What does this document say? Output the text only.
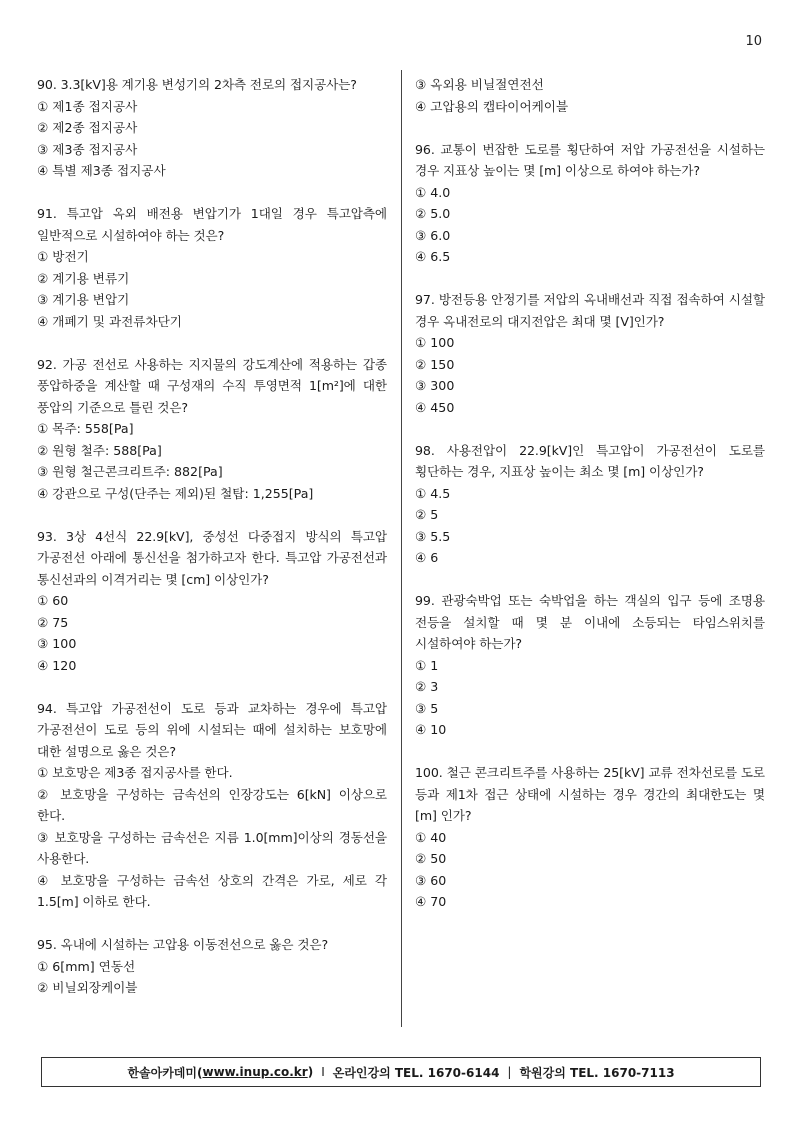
10
90. 3.3[kV]용 계기용 변성기의 2차측 전로의 접지공사는?
① 제1종 접지공사
② 제2종 접지공사
③ 제3종 접지공사
④ 특별 제3종 접지공사
91. 특고압 옥외 배전용 변압기가 1대일 경우 특고압측에 일반적으로 시설하여야 하는 것은?
① 방전기
② 계기용 변류기
③ 계기용 변압기
④ 개폐기 및 과전류차단기
92. 가공 전선로 사용하는 지지물의 강도계산에 적용하는 갑종 풍압하중을 계산할 때 구성재의 수직 투영면적 1[m²]에 대한 풍압의 기준으로 틀린 것은?
① 목주: 558[Pa]
② 원형 철주: 588[Pa]
③ 원형 철근콘크리트주: 882[Pa]
④ 강관으로 구성(단주는 제외)된 철탑: 1,255[Pa]
93. 3상 4선식 22.9[kV], 중성선 다중접지 방식의 특고압 가공전선 아래에 통신선을 첨가하고자 한다. 특고압 가공전선과 통신선과의 이격거리는 몇 [cm] 이상인가?
① 60
② 75
③ 100
④ 120
94. 특고압 가공전선이 도로 등과 교차하는 경우에 특고압 가공전선이 도로 등의 위에 시설되는 때에 설치하는 보호망에 대한 설명으로 옳은 것은?
① 보호망은 제3종 접지공사를 한다.
② 보호망을 구성하는 금속선의 인장강도는 6[kN] 이상으로 한다.
③ 보호망을 구성하는 금속선은 지름 1.0[mm]이상의 경동선을 사용한다.
④ 보호망을 구성하는 금속선 상호의 간격은 가로, 세로 각 1.5[m] 이하로 한다.
95. 옥내에 시설하는 고압용 이동전선으로 옳은 것은?
① 6[mm] 연동선
② 비닐외장케이블
③ 옥외용 비닐절연전선
④ 고압용의 캡타이어케이블
96. 교통이 번잡한 도로를 횡단하여 저압 가공전선을 시설하는 경우 지표상 높이는 몇 [m] 이상으로 하여야 하는가?
① 4.0
② 5.0
③ 6.0
④ 6.5
97. 방전등용 안정기를 저압의 옥내배선과 직접 접속하여 시설할 경우 옥내전로의 대지전압은 최대 몇 [V]인가?
① 100
② 150
③ 300
④ 450
98. 사용전압이 22.9[kV]인 특고압이 가공전선이 도로를 횡단하는 경우, 지표상 높이는 최소 몇 [m] 이상인가?
① 4.5
② 5
③ 5.5
④ 6
99. 관광숙박업 또는 숙박업을 하는 객실의 입구 등에 조명용 전등을 설치할 때 몇 분 이내에 소등되는 타임스위치를 시설하여야 하는가?
① 1
② 3
③ 5
④ 10
100. 철근 콘크리트주를 사용하는 25[kV] 교류 전차선로를 도로 등과 제1차 접근 상태에 시설하는 경우 경간의 최대한도는 몇 [m] 인가?
① 40
② 50
③ 60
④ 70
한솔아카데미( www.inup.co.kr ) I 온라인강의 TEL. 1670-6144 | 학원강의 TEL. 1670-7113
